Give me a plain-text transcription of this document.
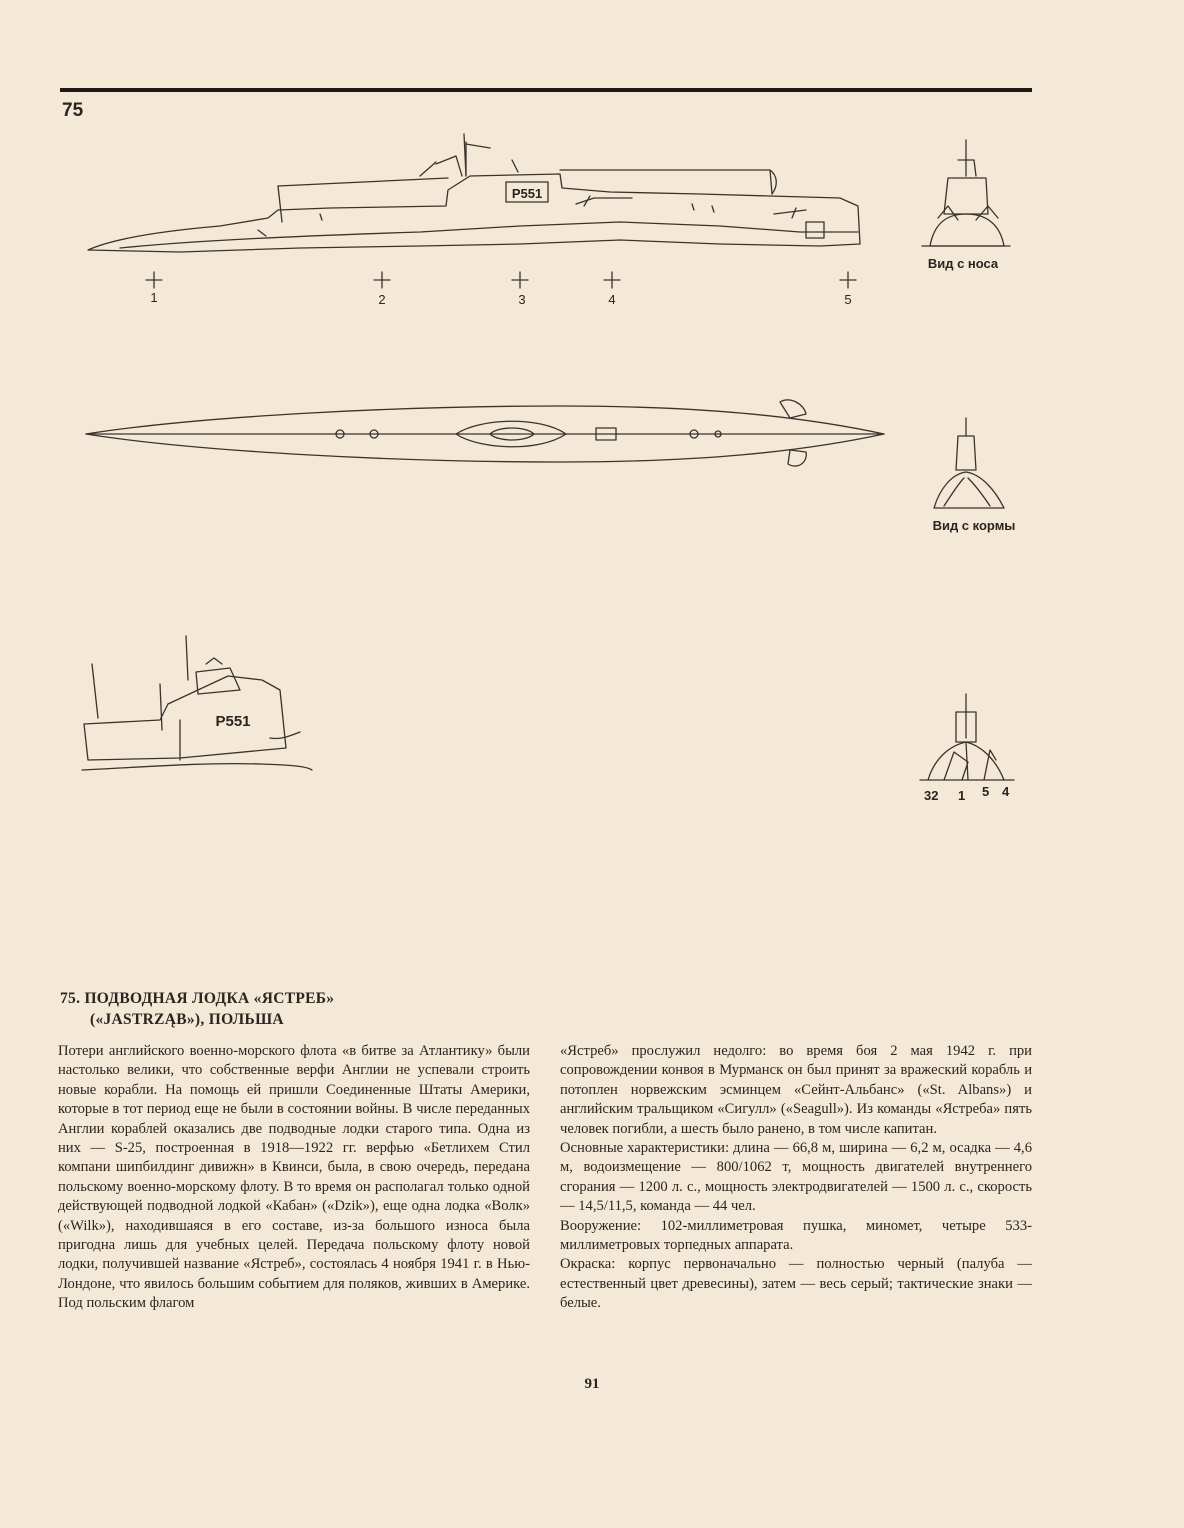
75
P551
1	2	3	4	5
Вид с носа
Вид с кормы
P551
32 1 5 4
75. ПОДВОДНАЯ ЛОДКА «ЯСТРЕБ»
(«JASTRZĄB»), ПОЛЬША

Потери английского военно-морского флота «в битве за Атлантику» были настолько велики, что собственные верфи Англии не успевали строить новые корабли. На помощь ей пришли Соединенные Штаты Америки, которые в тот период еще не были в состоянии войны. В числе переданных Англии кораблей оказались две подводные лодки старого типа. Одна из них — S-25, построенная в 1918—1922 гг. верфью «Бетлихем Стил компани шипбилдинг дивижн» в Квинси, была, в свою очередь, передана польскому военно-морскому флоту. В то время он располагал только одной действующей подводной лодкой «Кабан» («Dzik»), еще одна лодка «Волк» («Wilk»), находившаяся в его составе, из-за большого износа была пригодна лишь для учебных целей. Передача польскому флоту новой лодки, получившей название «Ястреб», состоялась 4 ноября 1941 г. в Нью-Лондоне, что явилось большим событием для поляков, живших в Америке. Под польским флагом

«Ястреб» прослужил недолго: во время боя 2 мая 1942 г. при сопровождении конвоя в Мурманск он был принят за вражеский корабль и потоплен норвежским эсминцем «Сейнт-Альбанс» («St. Albans») и английским тральщиком «Сигулл» («Seagull»). Из команды «Ястреба» пять человек погибли, а шесть было ранено, в том числе капитан.

Основные характеристики: длина — 66,8 м, ширина — 6,2 м, осадка — 4,6 м, водоизмещение — 800/1062 т, мощность двигателей внутреннего сгорания — 1200 л. с., мощность электродвигателей — 1500 л. с., скорость — 14,5/11,5, команда — 44 чел.

Вооружение: 102-миллиметровая пушка, миномет, четыре 533-миллиметровых торпедных аппарата.

Окраска: корпус первоначально — полностью черный (палуба — естественный цвет древесины), затем — весь серый; тактические знаки — белые.

91
